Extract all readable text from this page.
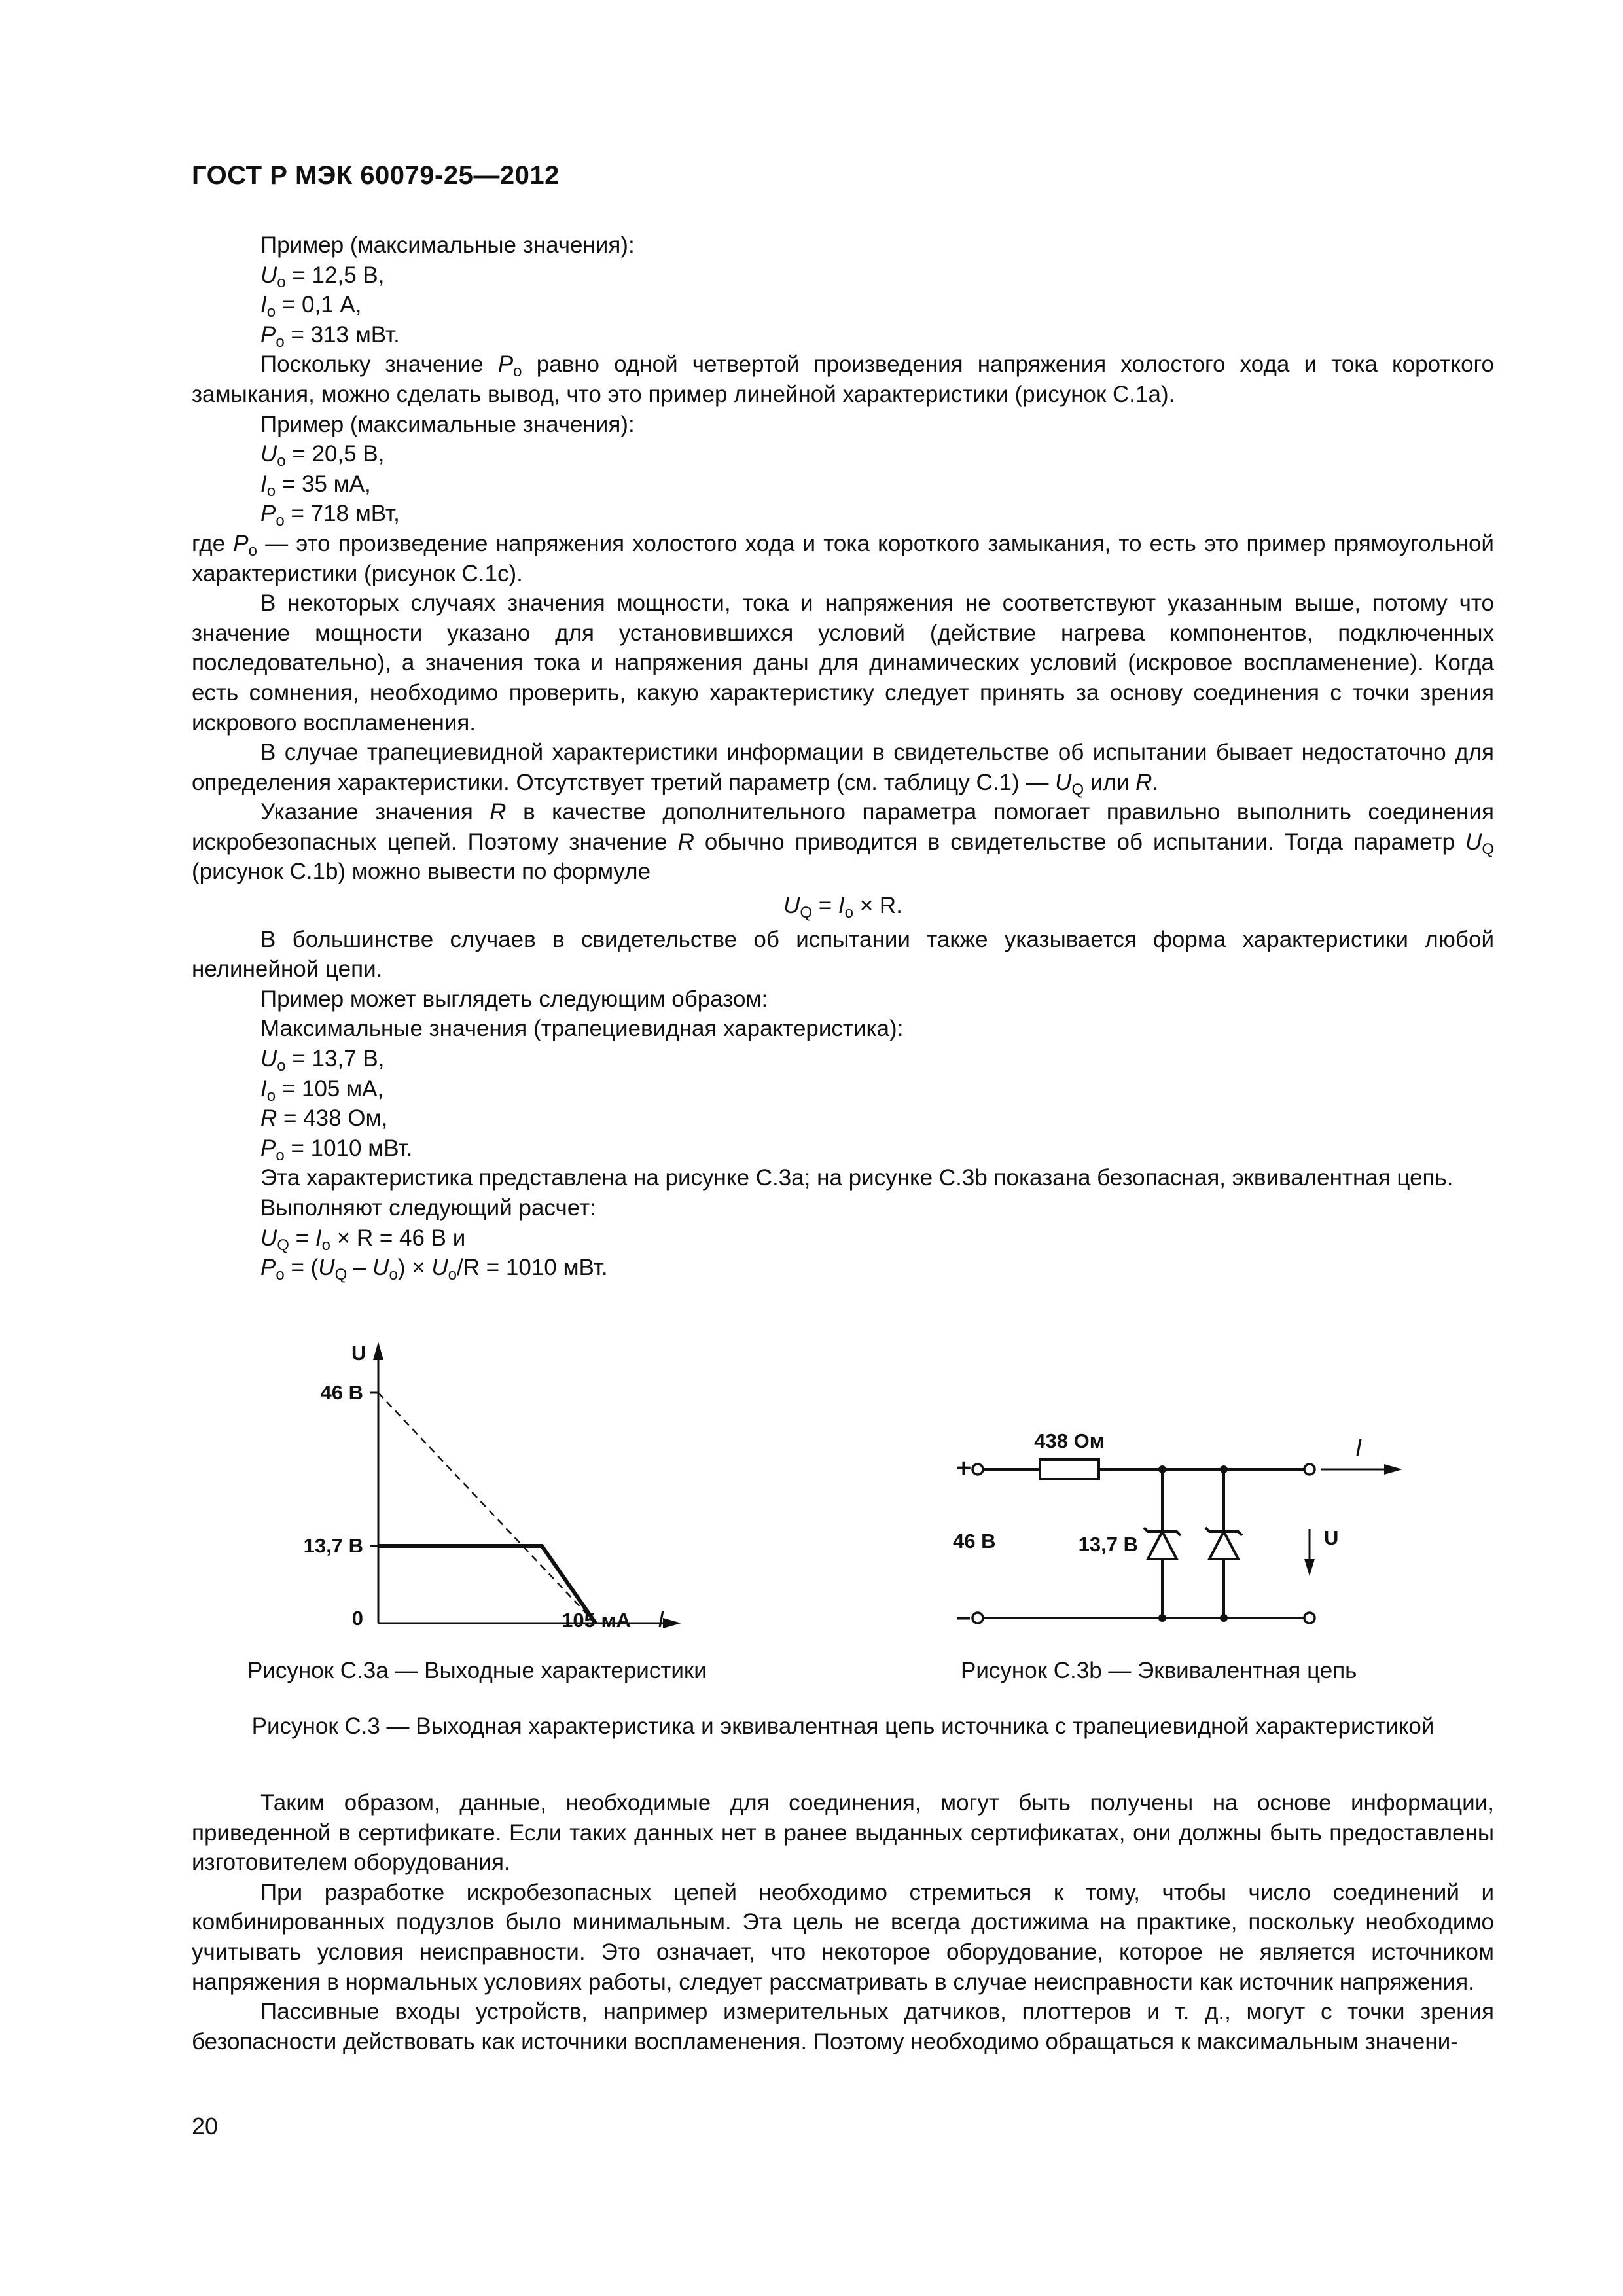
ГОСТ Р МЭК 60079-25—2012

Пример (максимальные значения):

$U_о = 12,5$ В,

$I_о = 0,1$ А,

$P_о = 313$ мВт.

Поскольку значение $P_о$ равно одной четвертой произведения напряжения холостого хода и тока короткого замыкания, можно сделать вывод, что это пример линейной характеристики (рисунок С.1а).

Пример (максимальные значения):

$U_о = 20,5$ В,

$I_о = 35$ мА,

$P_о = 718$ мВт,

где $P_о$ — это произведение напряжения холостого хода и тока короткого замыкания, то есть это пример прямоугольной характеристики (рисунок С.1с).

В некоторых случаях значения мощности, тока и напряжения не соответствуют указанным выше, потому что значение мощности указано для установившихся условий (действие нагрева компонентов, подключенных последовательно), а значения тока и напряжения даны для динамических условий (искровое воспламенение). Когда есть сомнения, необходимо проверить, какую характеристику следует принять за основу соединения с точки зрения искрового воспламенения.

В случае трапециевидной характеристики информации в свидетельстве об испытании бывает недостаточно для определения характеристики. Отсутствует третий параметр (см. таблицу С.1) — $U_Q$ или R.

Указание значения R в качестве дополнительного параметра помогает правильно выполнить соединения искробезопасных цепей. Поэтому значение R обычно приводится в свидетельстве об испытании. Тогда параметр $U_Q$ (рисунок С.1b) можно вывести по формуле

$U_Q = I_о \times R$.

В большинстве случаев в свидетельстве об испытании также указывается форма характеристики любой нелинейной цепи.

Пример может выглядеть следующим образом:

Максимальные значения (трапециевидная характеристика):

$U_о = 13,7$ В,

$I_о = 105$ мА,

R = 438 Ом,

$P_о = 1010$ мВт.

Эта характеристика представлена на рисунке С.3а; на рисунке С.3b показана безопасная, эквивалентная цепь.

Выполняют следующий расчет:

$U_Q = I_о \times R = 46$ В и

$P_о = (U_Q - U_о) \times U_о/R = 1010$ мВт.

U
46 В
13,7 В
0	105 мА I
438 Ом
+
–
46 В	13,7 В
I
U
Рисунок С.3а — Выходные характеристики	Рисунок С.3b — Эквивалентная цепь
Рисунок С.3 — Выходная характеристика и эквивалентная цепь источника с трапециевидной характеристикой

Таким образом, данные, необходимые для соединения, могут быть получены на основе информации, приведенной в сертификате. Если таких данных нет в ранее выданных сертификатах, они должны быть предоставлены изготовителем оборудования.

При разработке искробезопасных цепей необходимо стремиться к тому, чтобы число соединений и комбинированных подузлов было минимальным. Эта цель не всегда достижима на практике, поскольку необходимо учитывать условия неисправности. Это означает, что некоторое оборудование, которое не является источником напряжения в нормальных условиях работы, следует рассматривать в случае неисправности как источник напряжения.

Пассивные входы устройств, например измерительных датчиков, плоттеров и т. д., могут с точки зрения безопасности действовать как источники воспламенения. Поэтому необходимо обращаться к максимальным значени-

20
